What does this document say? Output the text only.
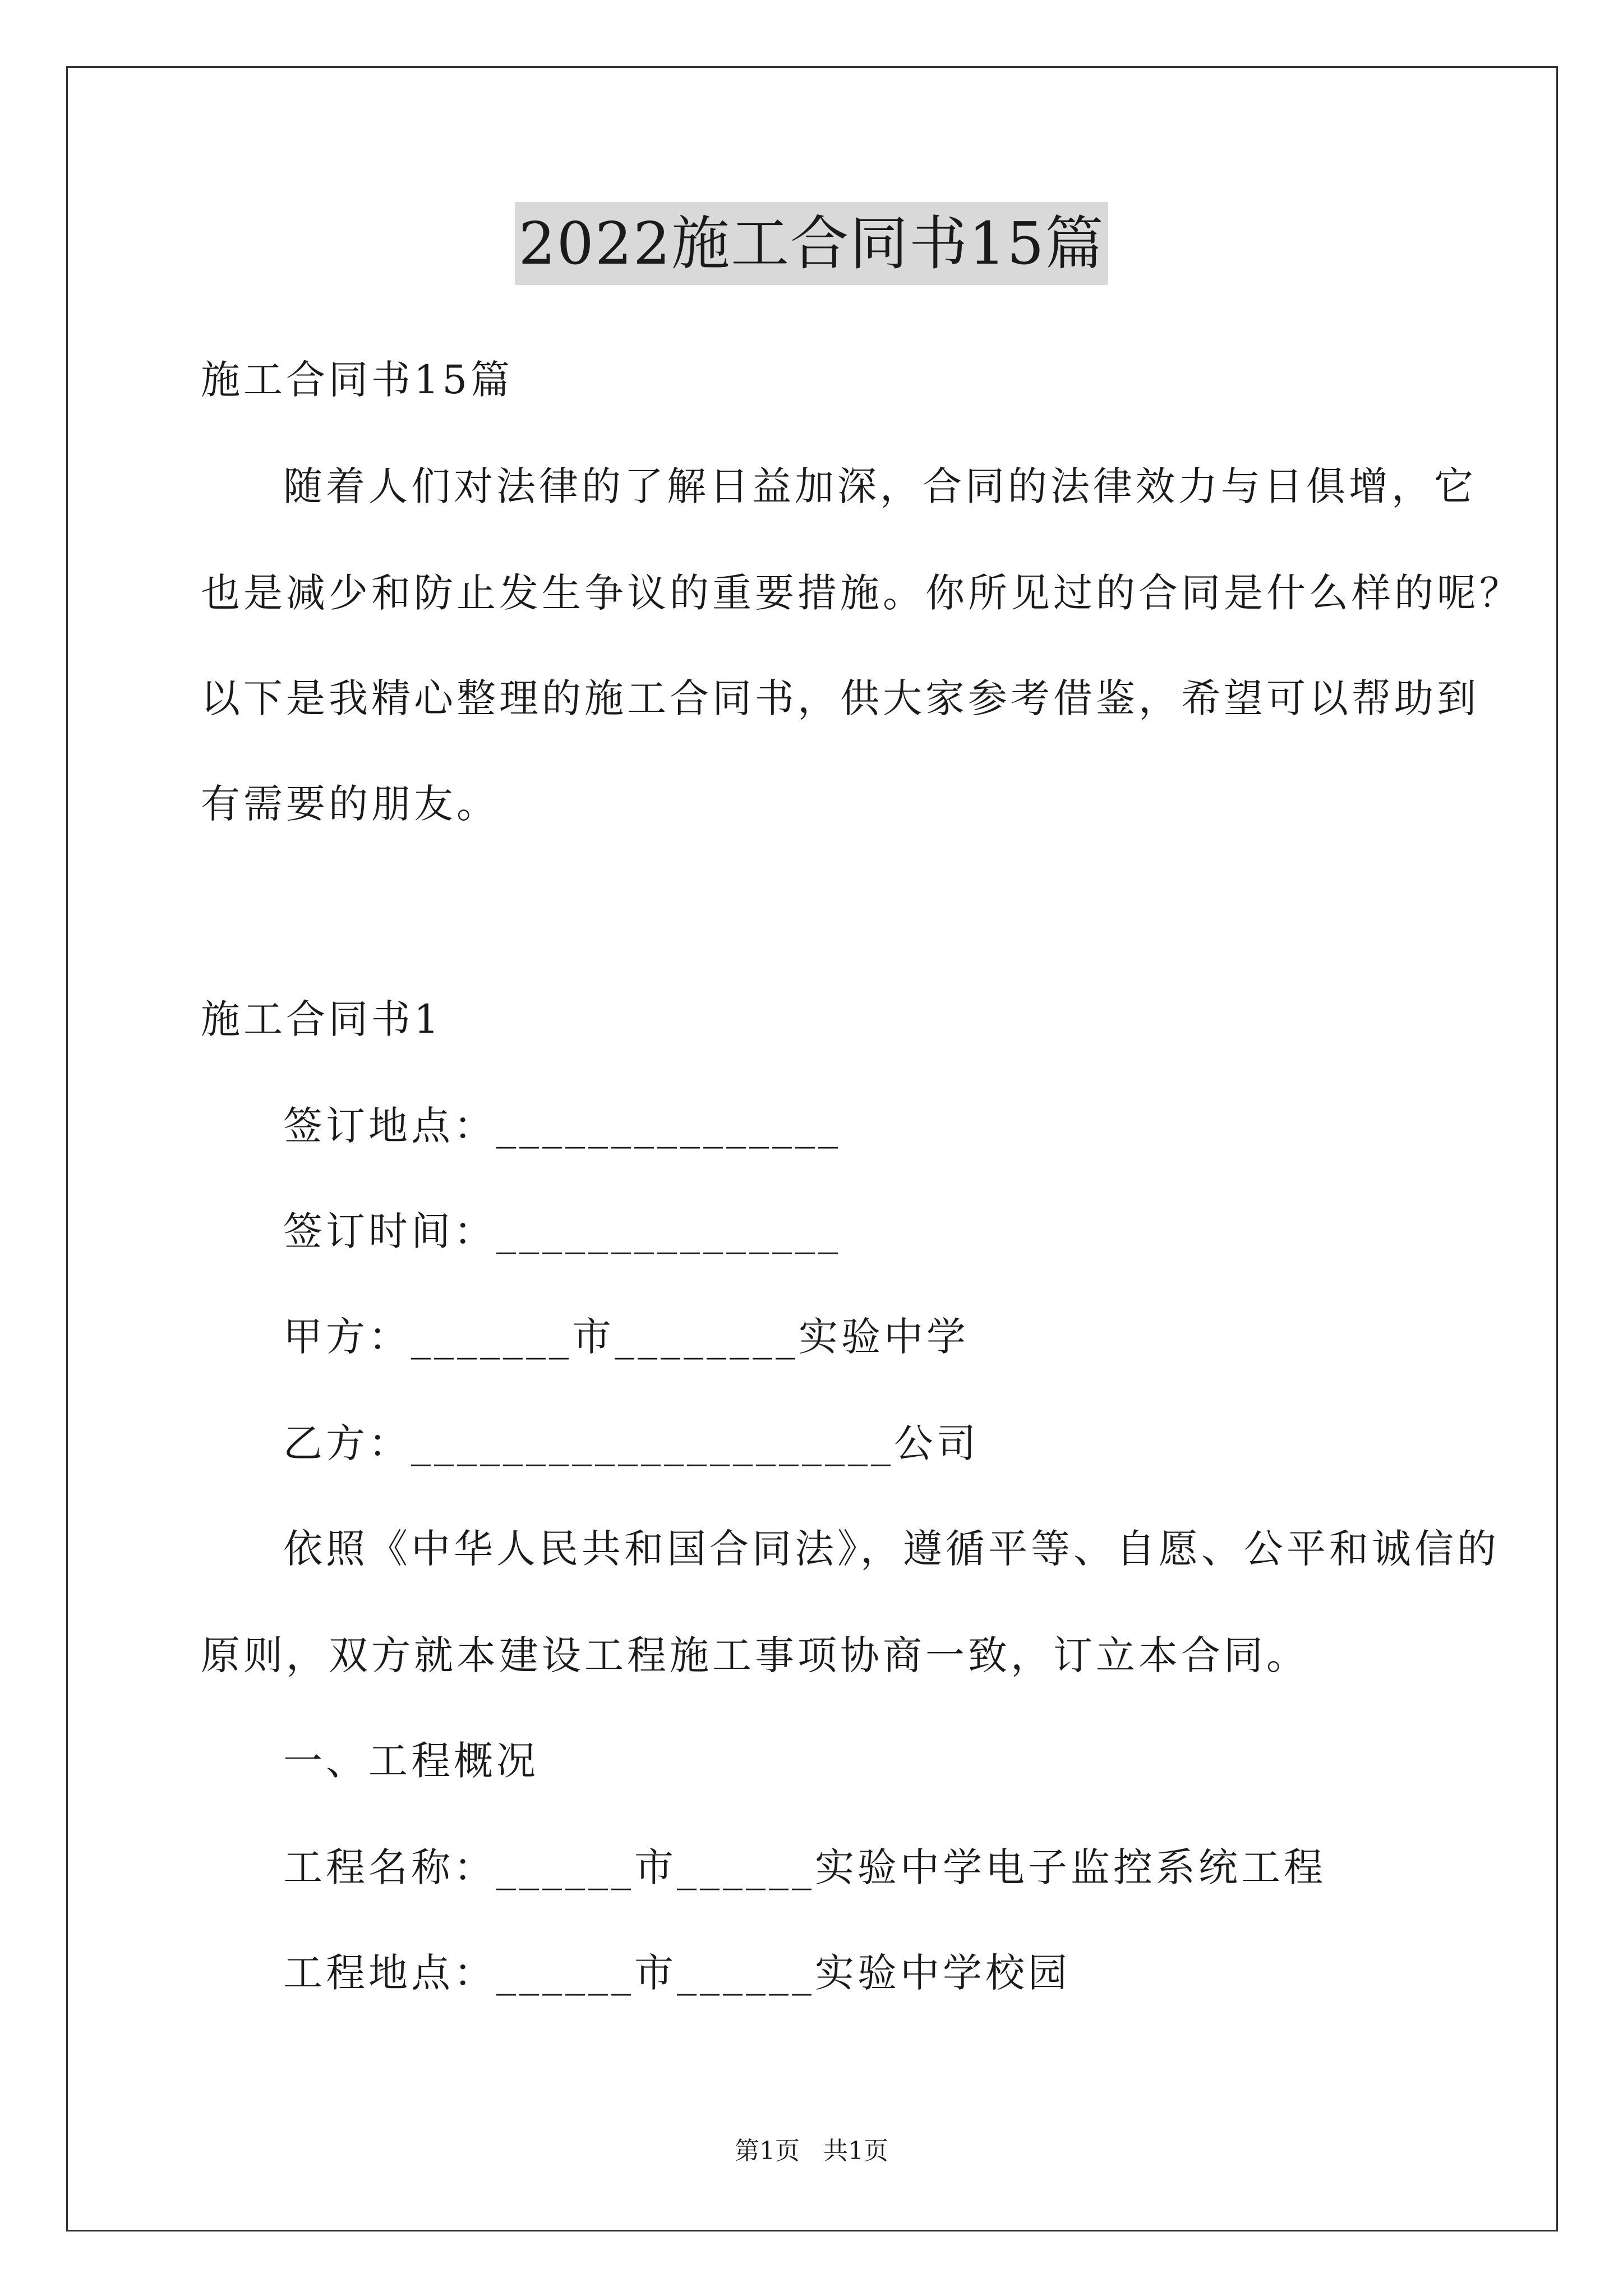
2022施工合同书15篇
施工合同书15篇
随着人们对法律的了解日益加深，合同的法律效力与日俱增，它
也是减少和防止发生争议的重要措施。你所见过的合同是什么样的呢？
以下是我精心整理的施工合同书，供大家参考借鉴，希望可以帮助到
有需要的朋友。
施工合同书1
签订地点：_______________
签订时间：_______________
甲方：_______市________实验中学
乙方：_____________________公司
依照《中华人民共和国合同法》，遵循平等、自愿、公平和诚信的
原则，双方就本建设工程施工事项协商一致，订立本合同。
一、工程概况
工程名称：______市______实验中学电子监控系统工程
工程地点：______市______实验中学校园
第1页 共1页
